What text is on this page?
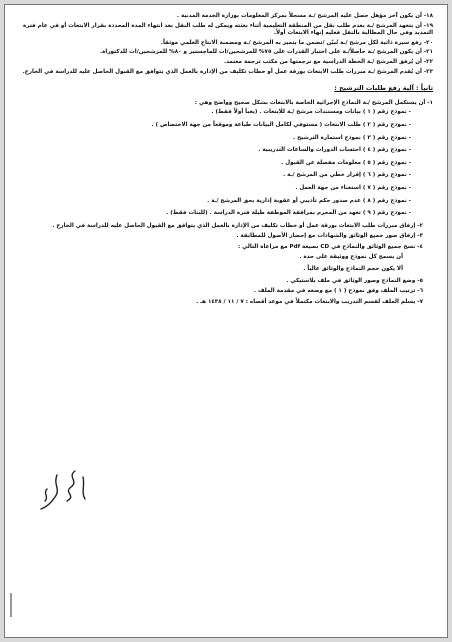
١٨- أن يكون آخر مؤهل حصل عليه المرشح /ـة مسجلاً بمركز المعلومات بوزارة الخدمة المدنية .
١٩- أن يتعهد المرشح /ـة بعدم طلب نقل من المنطقة التعليمية أثناء بعثته ويمكن له طلب النقل بعد انتهاء المدة المحددة بقرار الابتعاث أو في عام فترة التمديد وفي حال المطالبة بالنقل فعليه إنهاء الابتعاث أولاً.
٢٠- رفع سيرة ذاتية لكل مرشح /ـة تُبيّن /تضمن ما يتميز به المرشح /ـة ومضمنة الانتاج العلمي موثقاً.
٢١- أن يكون المرشح /ـة حاصلاً/ـة على اختبار القدرات على ٧٥% للمرشحين/ات للماجستير و ٨٠% للمرشحين/ات للدكتوراة.
٢٢- أن يُرفق المرشح /ـة الخطة الدراسية مع ترجمتها من مكتب ترجمة معتمد.
٢٣- أن يُقدم المرشح /ـة مبررات طلب الابتعاث بورقة عمل أو خطاب تكليف من الإدارة بالعمل الذي يتوافق مع القبول الحاصل عليه للدراسة في الخارج.
ثانياً : آلية رفع طلبات الترشيح :
١- أن يستكمل المرشح /ـة النماذج الإجرائية الخاصة بالابتعاث بشكل صحيح وواضح وهي :
- نموذج رقم ( ١ ) بيانات ومستندات مرشح /ـة للابتعاث . (يعبأ أولاً فقط) .
- نموذج رقم ( ٢ ) طلب الابتعاث ( مستوفي لكامل البيانات طباعة وموقعاً من جهة الاختصاص ) .
- نموذج رقم ( ٣ ) نموذج استمارة الترشيح .
- نموذج رقم ( ٤ ) احتساب الدورات والساعات التدريبية .
- نموذج رقم ( ٥ ) معلومات مفصلة عن القبول .
- نموذج رقم ( ٦ ) إقرار خطي من المرشح /ـة .
- نموذج رقم ( ٧ ) استغناء من جهة العمل .
- نموذج رقم ( ٨ ) عدم صدور حكم تأديبي أو عقوبة إدارية بحق المرشح /ـة .
- نموذج رقم ( ٩ ) تعهد من المحرم بمرافقة الموظفة طيلة فترة الدراسة . (للبنات فقط) .
٢- إرفاق مبررات طلب الابتعاث بورقة عمل أو خطاب تكليف من الإدارة بالعمل الذي يتوافق مع القبول الحاصل عليه للدراسة في الخارج .
٣- إرفاق صور جميع الوثائق والشهادات مع إحضار الأصول للمطابقة .
٤- نسخ جميع الوثائق والنماذج في CD بصيغة Pdf مع مراعاة التالي :
أن يسمح كل نموذج ووثيقة على حدة .
ألا يكون حجم النماذج والوثائق عالياً .
٥- وضع النماذج وصور الوثائق في ملف بلاستيكي .
٦- ترتيب الملف وفق نموذج ( ١ ) مع وضعه في مقدمة الملف .
٧- يسلم الملف لقسم التدريب والابتعاث مكتملاً في موعد أقصاه : ٧ / ١١ / ١٤٣٨ هـ .
